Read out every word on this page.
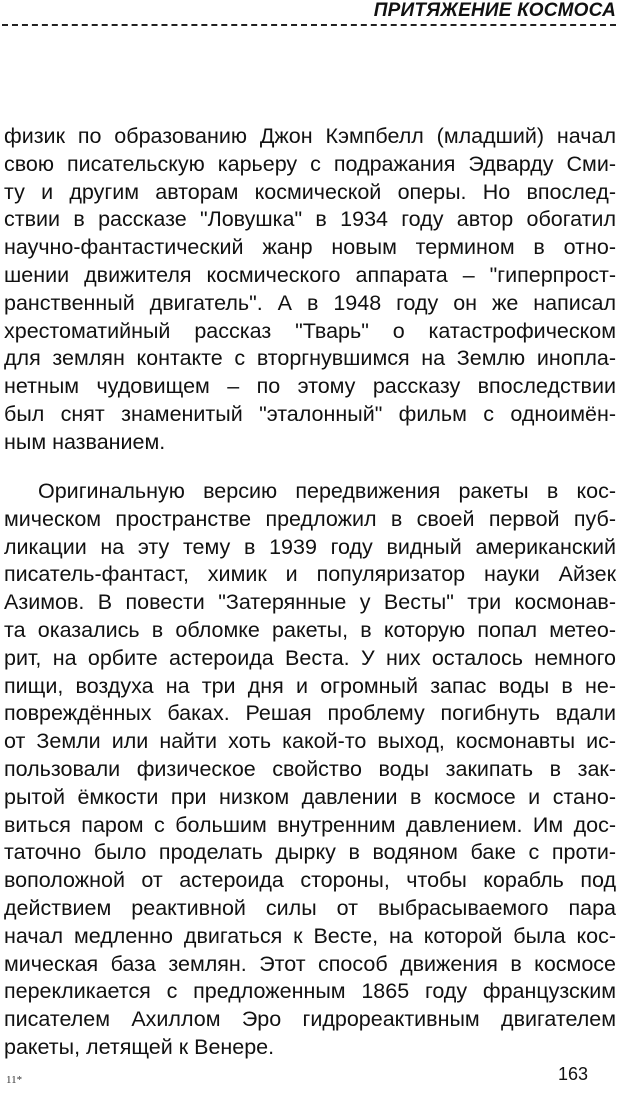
ПРИТЯЖЕНИЕ КОСМОСА
физик по образованию Джон Кэмпбелл (младший) начал
свою писательскую карьеру с подражания Эдварду Сми-
ту и другим авторам космической оперы. Но впослед-
ствии в рассказе "Ловушка" в 1934 году автор обогатил
научно-фантастический жанр новым термином в отно-
шении движителя космического аппарата – "гиперпрост-
ранственный двигатель". А в 1948 году он же написал
хрестоматийный рассказ "Тварь" о катастрофическом
для землян контакте с вторгнувшимся на Землю инопла-
нетным чудовищем – по этому рассказу впоследствии
был снят знаменитый "эталонный" фильм с одноимён-
ным названием.
Оригинальную версию передвижения ракеты в кос-
мическом пространстве предложил в своей первой пуб-
ликации на эту тему в 1939 году видный американский
писатель-фантаст, химик и популяризатор науки Айзек
Азимов. В повести "Затерянные у Весты" три космонав-
та оказались в обломке ракеты, в которую попал метео-
рит, на орбите астероида Веста. У них осталось немного
пищи, воздуха на три дня и огромный запас воды в не-
повреждённых баках. Решая проблему погибнуть вдали
от Земли или найти хоть какой-то выход, космонавты ис-
пользовали физическое свойство воды закипать в зак-
рытой ёмкости при низком давлении в космосе и стано-
виться паром с большим внутренним давлением. Им дос-
таточно было проделать дырку в водяном баке с проти-
воположной от астероида стороны, чтобы корабль под
действием реактивной силы от выбрасываемого пара
начал медленно двигаться к Весте, на которой была кос-
мическая база землян. Этот способ движения в космосе
перекликается с предложенным 1865 году французским
писателем Ахиллом Эро гидрореактивным двигателем
ракеты, летящей к Венере.
11*	163
